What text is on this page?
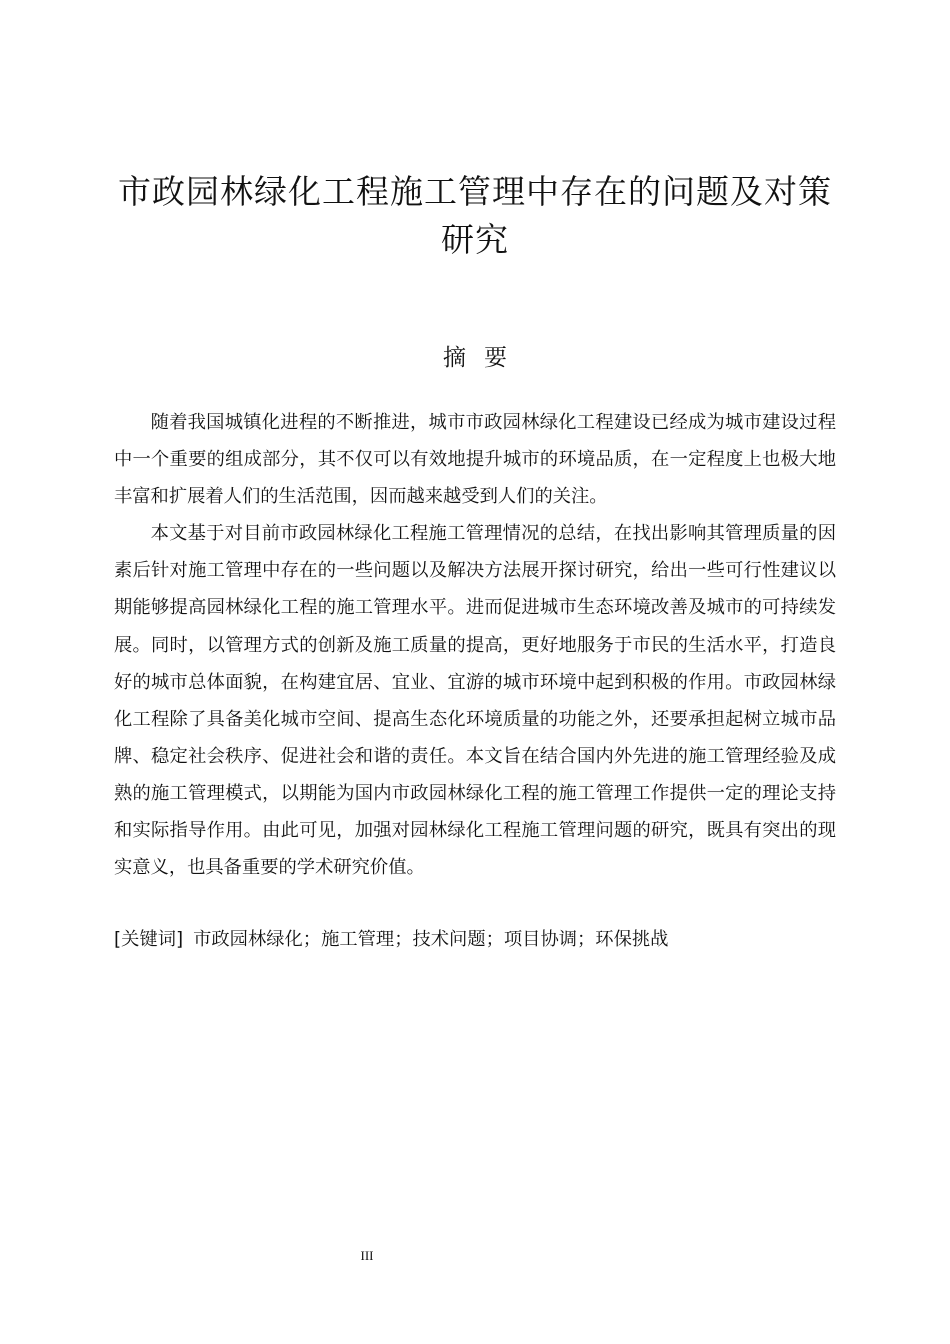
市政园林绿化工程施工管理中存在的问题及对策研究
摘要

随着我国城镇化进程的不断推进，城市市政园林绿化工程建设已经成为城市建设过程中一个重要的组成部分，其不仅可以有效地提升城市的环境品质，在一定程度上也极大地丰富和扩展着人们的生活范围，因而越来越受到人们的关注。

本文基于对目前市政园林绿化工程施工管理情况的总结，在找出影响其管理质量的因素后针对施工管理中存在的一些问题以及解决方法展开探讨研究，给出一些可行性建议以期能够提高园林绿化工程的施工管理水平。进而促进城市生态环境改善及城市的可持续发展。同时，以管理方式的创新及施工质量的提高，更好地服务于市民的生活水平，打造良好的城市总体面貌，在构建宜居、宜业、宜游的城市环境中起到积极的作用。市政园林绿化工程除了具备美化城市空间、提高生态化环境质量的功能之外，还要承担起树立城市品牌、稳定社会秩序、促进社会和谐的责任。本文旨在结合国内外先进的施工管理经验及成熟的施工管理模式，以期能为国内市政园林绿化工程的施工管理工作提供一定的理论支持和实际指导作用。由此可见，加强对园林绿化工程施工管理问题的研究，既具有突出的现实意义，也具备重要的学术研究价值。

[关键词] 市政园林绿化；施工管理；技术问题；项目协调；环保挑战

III
